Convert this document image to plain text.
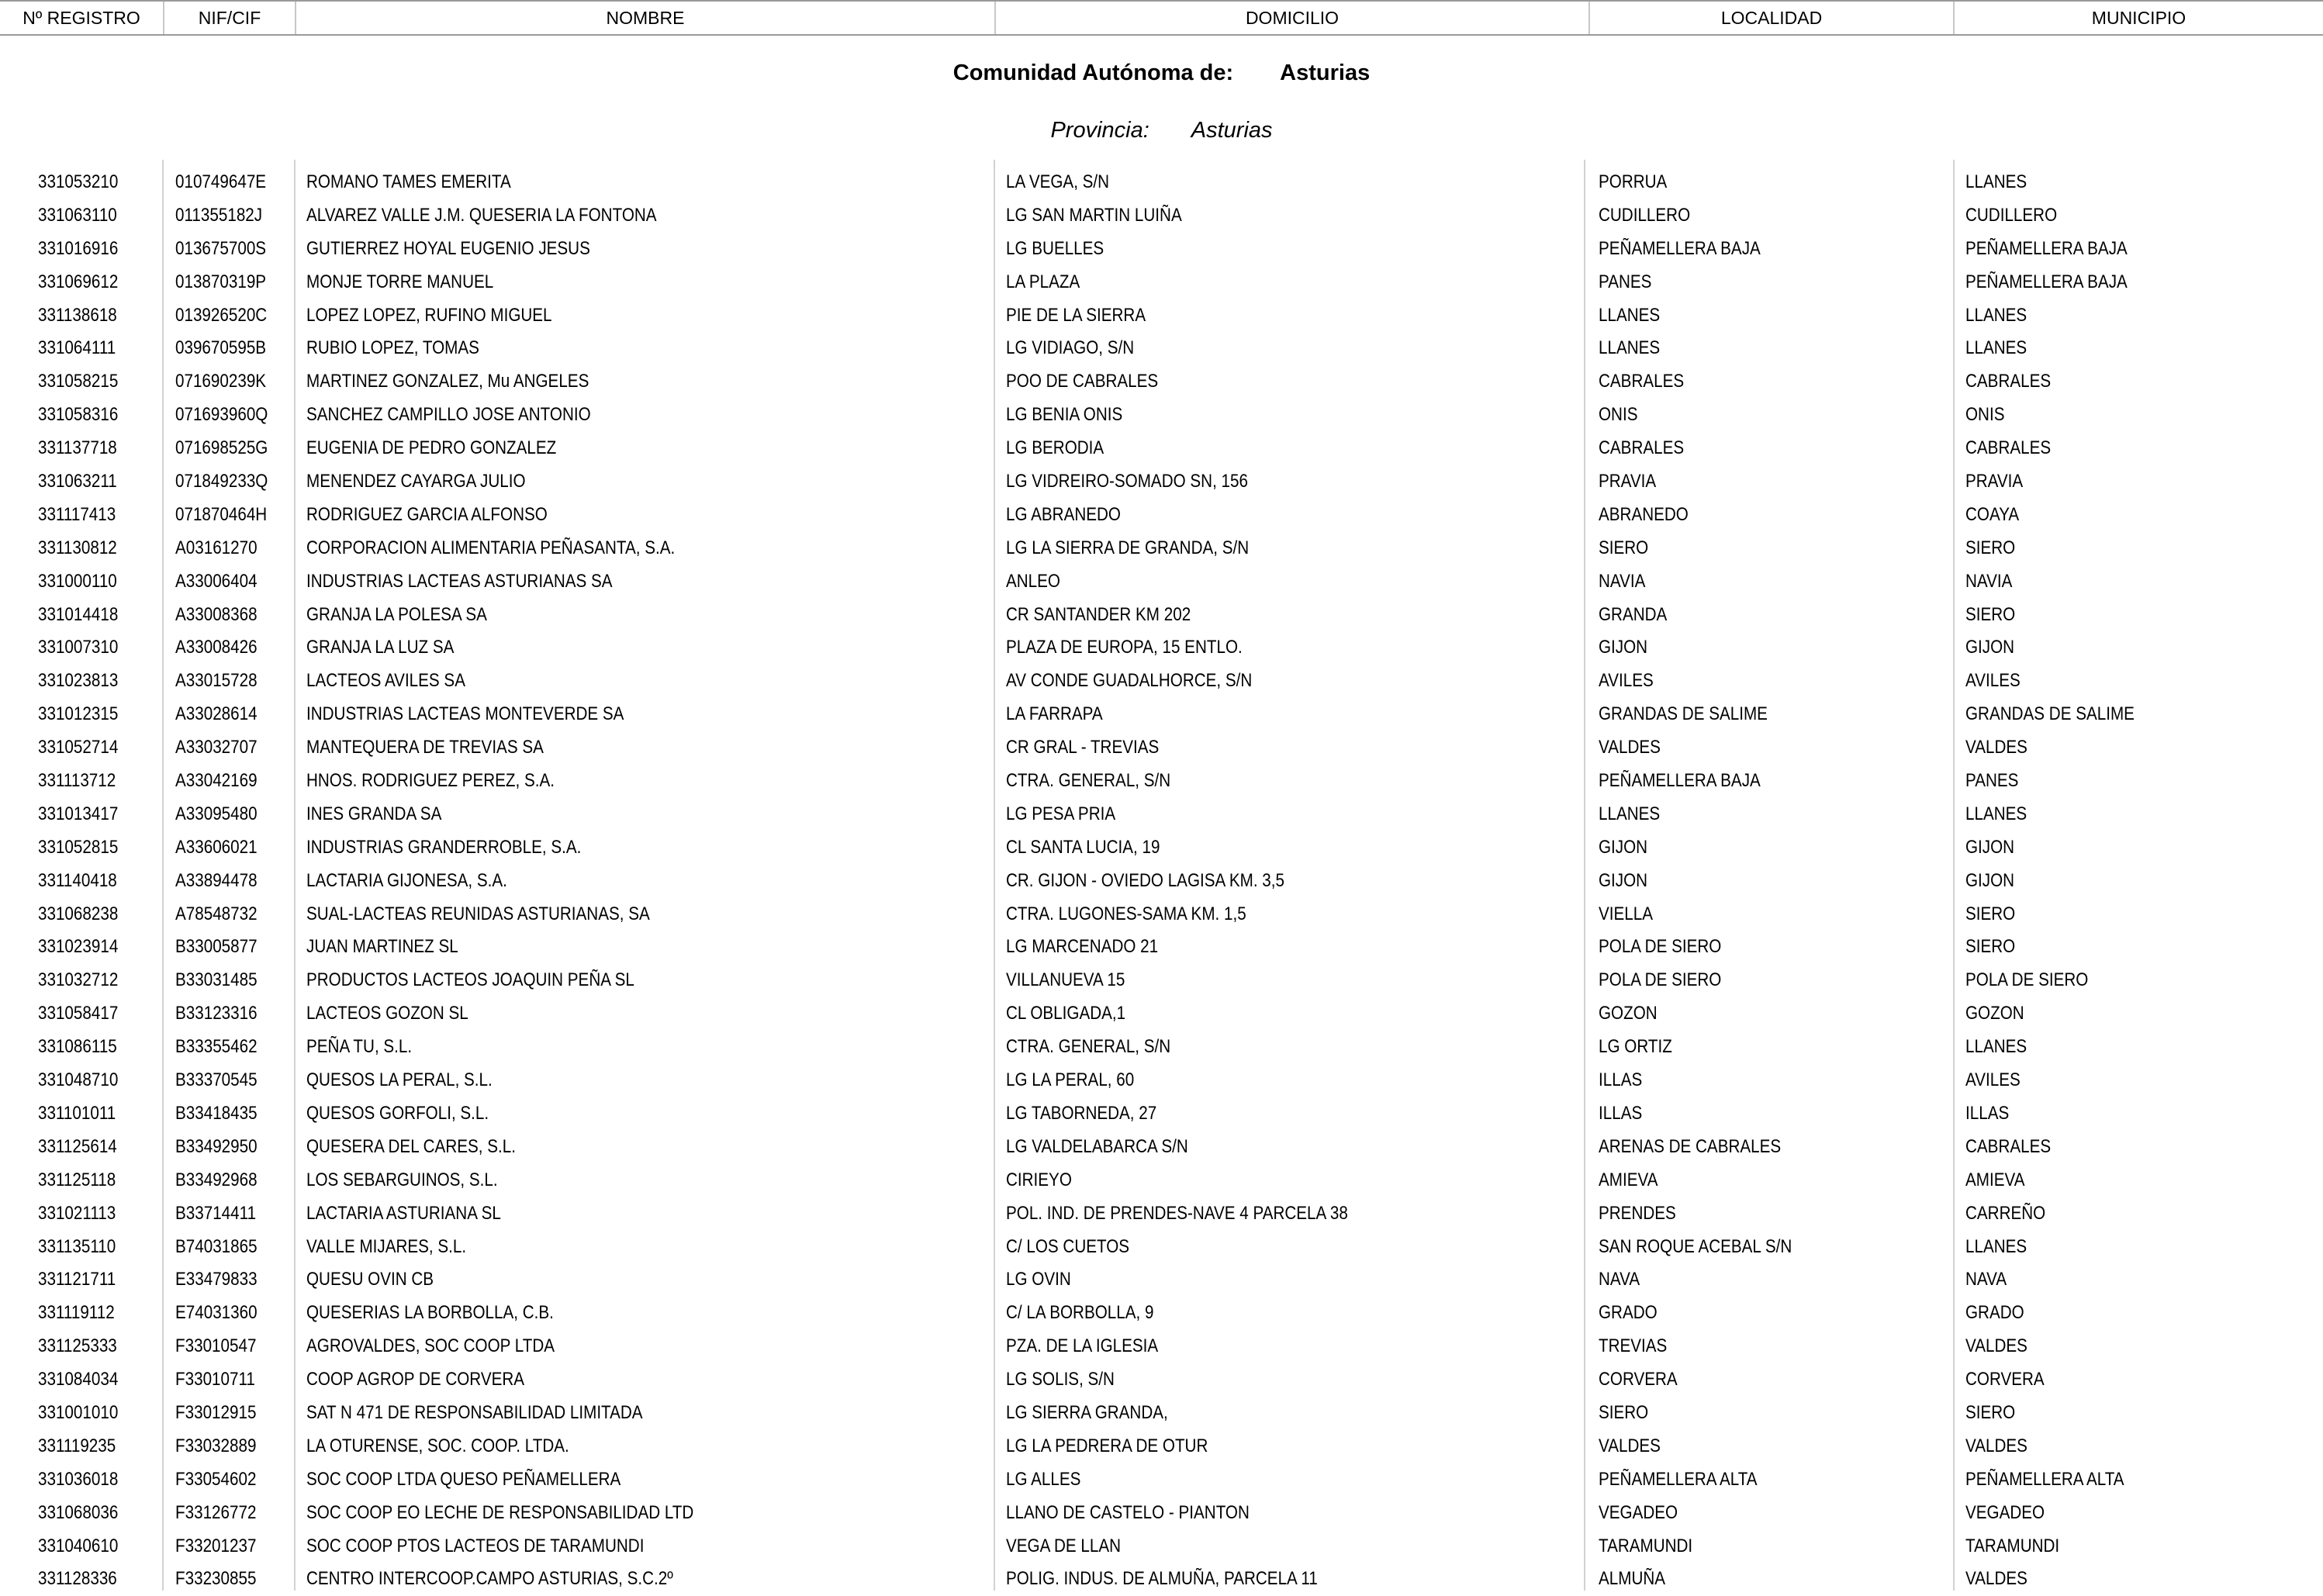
Nº REGISTRO	NIF/CIF	NOMBRE	DOMICILIO	LOCALIDAD	MUNICIPIO
Comunidad Autónoma de: Asturias
Provincia: Asturias
331053210	010749647E	ROMANO TAMES EMERITA	LA VEGA, S/N	PORRUA	LLANES
331063110	011355182J	ALVAREZ VALLE J.M. QUESERIA LA FONTONA	LG SAN MARTIN LUIÑA	CUDILLERO	CUDILLERO
331016916	013675700S	GUTIERREZ HOYAL EUGENIO JESUS	LG BUELLES	PEÑAMELLERA BAJA	PEÑAMELLERA BAJA
331069612	013870319P	MONJE TORRE MANUEL	LA PLAZA	PANES	PEÑAMELLERA BAJA
331138618	013926520C	LOPEZ LOPEZ, RUFINO MIGUEL	PIE DE LA SIERRA	LLANES	LLANES
331064111	039670595B	RUBIO LOPEZ, TOMAS	LG VIDIAGO, S/N	LLANES	LLANES
331058215	071690239K	MARTINEZ GONZALEZ, Mu ANGELES	POO DE CABRALES	CABRALES	CABRALES
331058316	071693960Q	SANCHEZ CAMPILLO JOSE ANTONIO	LG BENIA ONIS	ONIS	ONIS
331137718	071698525G	EUGENIA DE PEDRO GONZALEZ	LG BERODIA	CABRALES	CABRALES
331063211	071849233Q	MENENDEZ CAYARGA JULIO	LG VIDREIRO-SOMADO SN, 156	PRAVIA	PRAVIA
331117413	071870464H	RODRIGUEZ GARCIA ALFONSO	LG ABRANEDO	ABRANEDO	COAYA
331130812	A03161270	CORPORACION ALIMENTARIA PEÑASANTA, S.A.	LG LA SIERRA DE GRANDA, S/N	SIERO	SIERO
331000110	A33006404	INDUSTRIAS LACTEAS ASTURIANAS SA	ANLEO	NAVIA	NAVIA
331014418	A33008368	GRANJA LA POLESA SA	CR SANTANDER KM 202	GRANDA	SIERO
331007310	A33008426	GRANJA LA LUZ SA	PLAZA DE EUROPA, 15 ENTLO.	GIJON	GIJON
331023813	A33015728	LACTEOS AVILES SA	AV CONDE GUADALHORCE, S/N	AVILES	AVILES
331012315	A33028614	INDUSTRIAS LACTEAS MONTEVERDE SA	LA FARRAPA	GRANDAS DE SALIME	GRANDAS DE SALIME
331052714	A33032707	MANTEQUERA DE TREVIAS SA	CR GRAL - TREVIAS	VALDES	VALDES
331113712	A33042169	HNOS. RODRIGUEZ PEREZ, S.A.	CTRA. GENERAL, S/N	PEÑAMELLERA BAJA	PANES
331013417	A33095480	INES GRANDA SA	LG PESA PRIA	LLANES	LLANES
331052815	A33606021	INDUSTRIAS GRANDERROBLE, S.A.	CL SANTA LUCIA, 19	GIJON	GIJON
331140418	A33894478	LACTARIA GIJONESA, S.A.	CR. GIJON - OVIEDO LAGISA KM. 3,5	GIJON	GIJON
331068238	A78548732	SUAL-LACTEAS REUNIDAS ASTURIANAS, SA	CTRA. LUGONES-SAMA KM. 1,5	VIELLA	SIERO
331023914	B33005877	JUAN MARTINEZ SL	LG MARCENADO 21	POLA DE SIERO	SIERO
331032712	B33031485	PRODUCTOS LACTEOS JOAQUIN PEÑA SL	VILLANUEVA 15	POLA DE SIERO	POLA DE SIERO
331058417	B33123316	LACTEOS GOZON SL	CL OBLIGADA,1	GOZON	GOZON
331086115	B33355462	PEÑA TU, S.L.	CTRA. GENERAL, S/N	LG ORTIZ	LLANES
331048710	B33370545	QUESOS LA PERAL, S.L.	LG LA PERAL, 60	ILLAS	AVILES
331101011	B33418435	QUESOS GORFOLI, S.L.	LG TABORNEDA, 27	ILLAS	ILLAS
331125614	B33492950	QUESERA DEL CARES, S.L.	LG VALDELABARCA S/N	ARENAS DE CABRALES	CABRALES
331125118	B33492968	LOS SEBARGUINOS, S.L.	CIRIEYO	AMIEVA	AMIEVA
331021113	B33714411	LACTARIA ASTURIANA SL	POL. IND. DE PRENDES-NAVE 4 PARCELA 38	PRENDES	CARREÑO
331135110	B74031865	VALLE MIJARES, S.L.	C/ LOS CUETOS	SAN ROQUE ACEBAL S/N	LLANES
331121711	E33479833	QUESU OVIN CB	LG OVIN	NAVA	NAVA
331119112	E74031360	QUESERIAS LA BORBOLLA, C.B.	C/ LA BORBOLLA, 9	GRADO	GRADO
331125333	F33010547	AGROVALDES, SOC COOP LTDA	PZA. DE LA IGLESIA	TREVIAS	VALDES
331084034	F33010711	COOP AGROP DE CORVERA	LG SOLIS, S/N	CORVERA	CORVERA
331001010	F33012915	SAT N 471 DE RESPONSABILIDAD LIMITADA	LG SIERRA GRANDA,	SIERO	SIERO
331119235	F33032889	LA OTURENSE, SOC. COOP. LTDA.	LG LA PEDRERA DE OTUR	VALDES	VALDES
331036018	F33054602	SOC COOP LTDA QUESO PEÑAMELLERA	LG ALLES	PEÑAMELLERA ALTA	PEÑAMELLERA ALTA
331068036	F33126772	SOC COOP EO LECHE DE RESPONSABILIDAD LTD	LLANO DE CASTELO - PIANTON	VEGADEO	VEGADEO
331040610	F33201237	SOC COOP PTOS LACTEOS DE TARAMUNDI	VEGA DE LLAN	TARAMUNDI	TARAMUNDI
331128336	F33230855	CENTRO INTERCOOP.CAMPO ASTURIAS, S.C.2º	POLIG. INDUS. DE ALMUÑA, PARCELA 11	ALMUÑA	VALDES
